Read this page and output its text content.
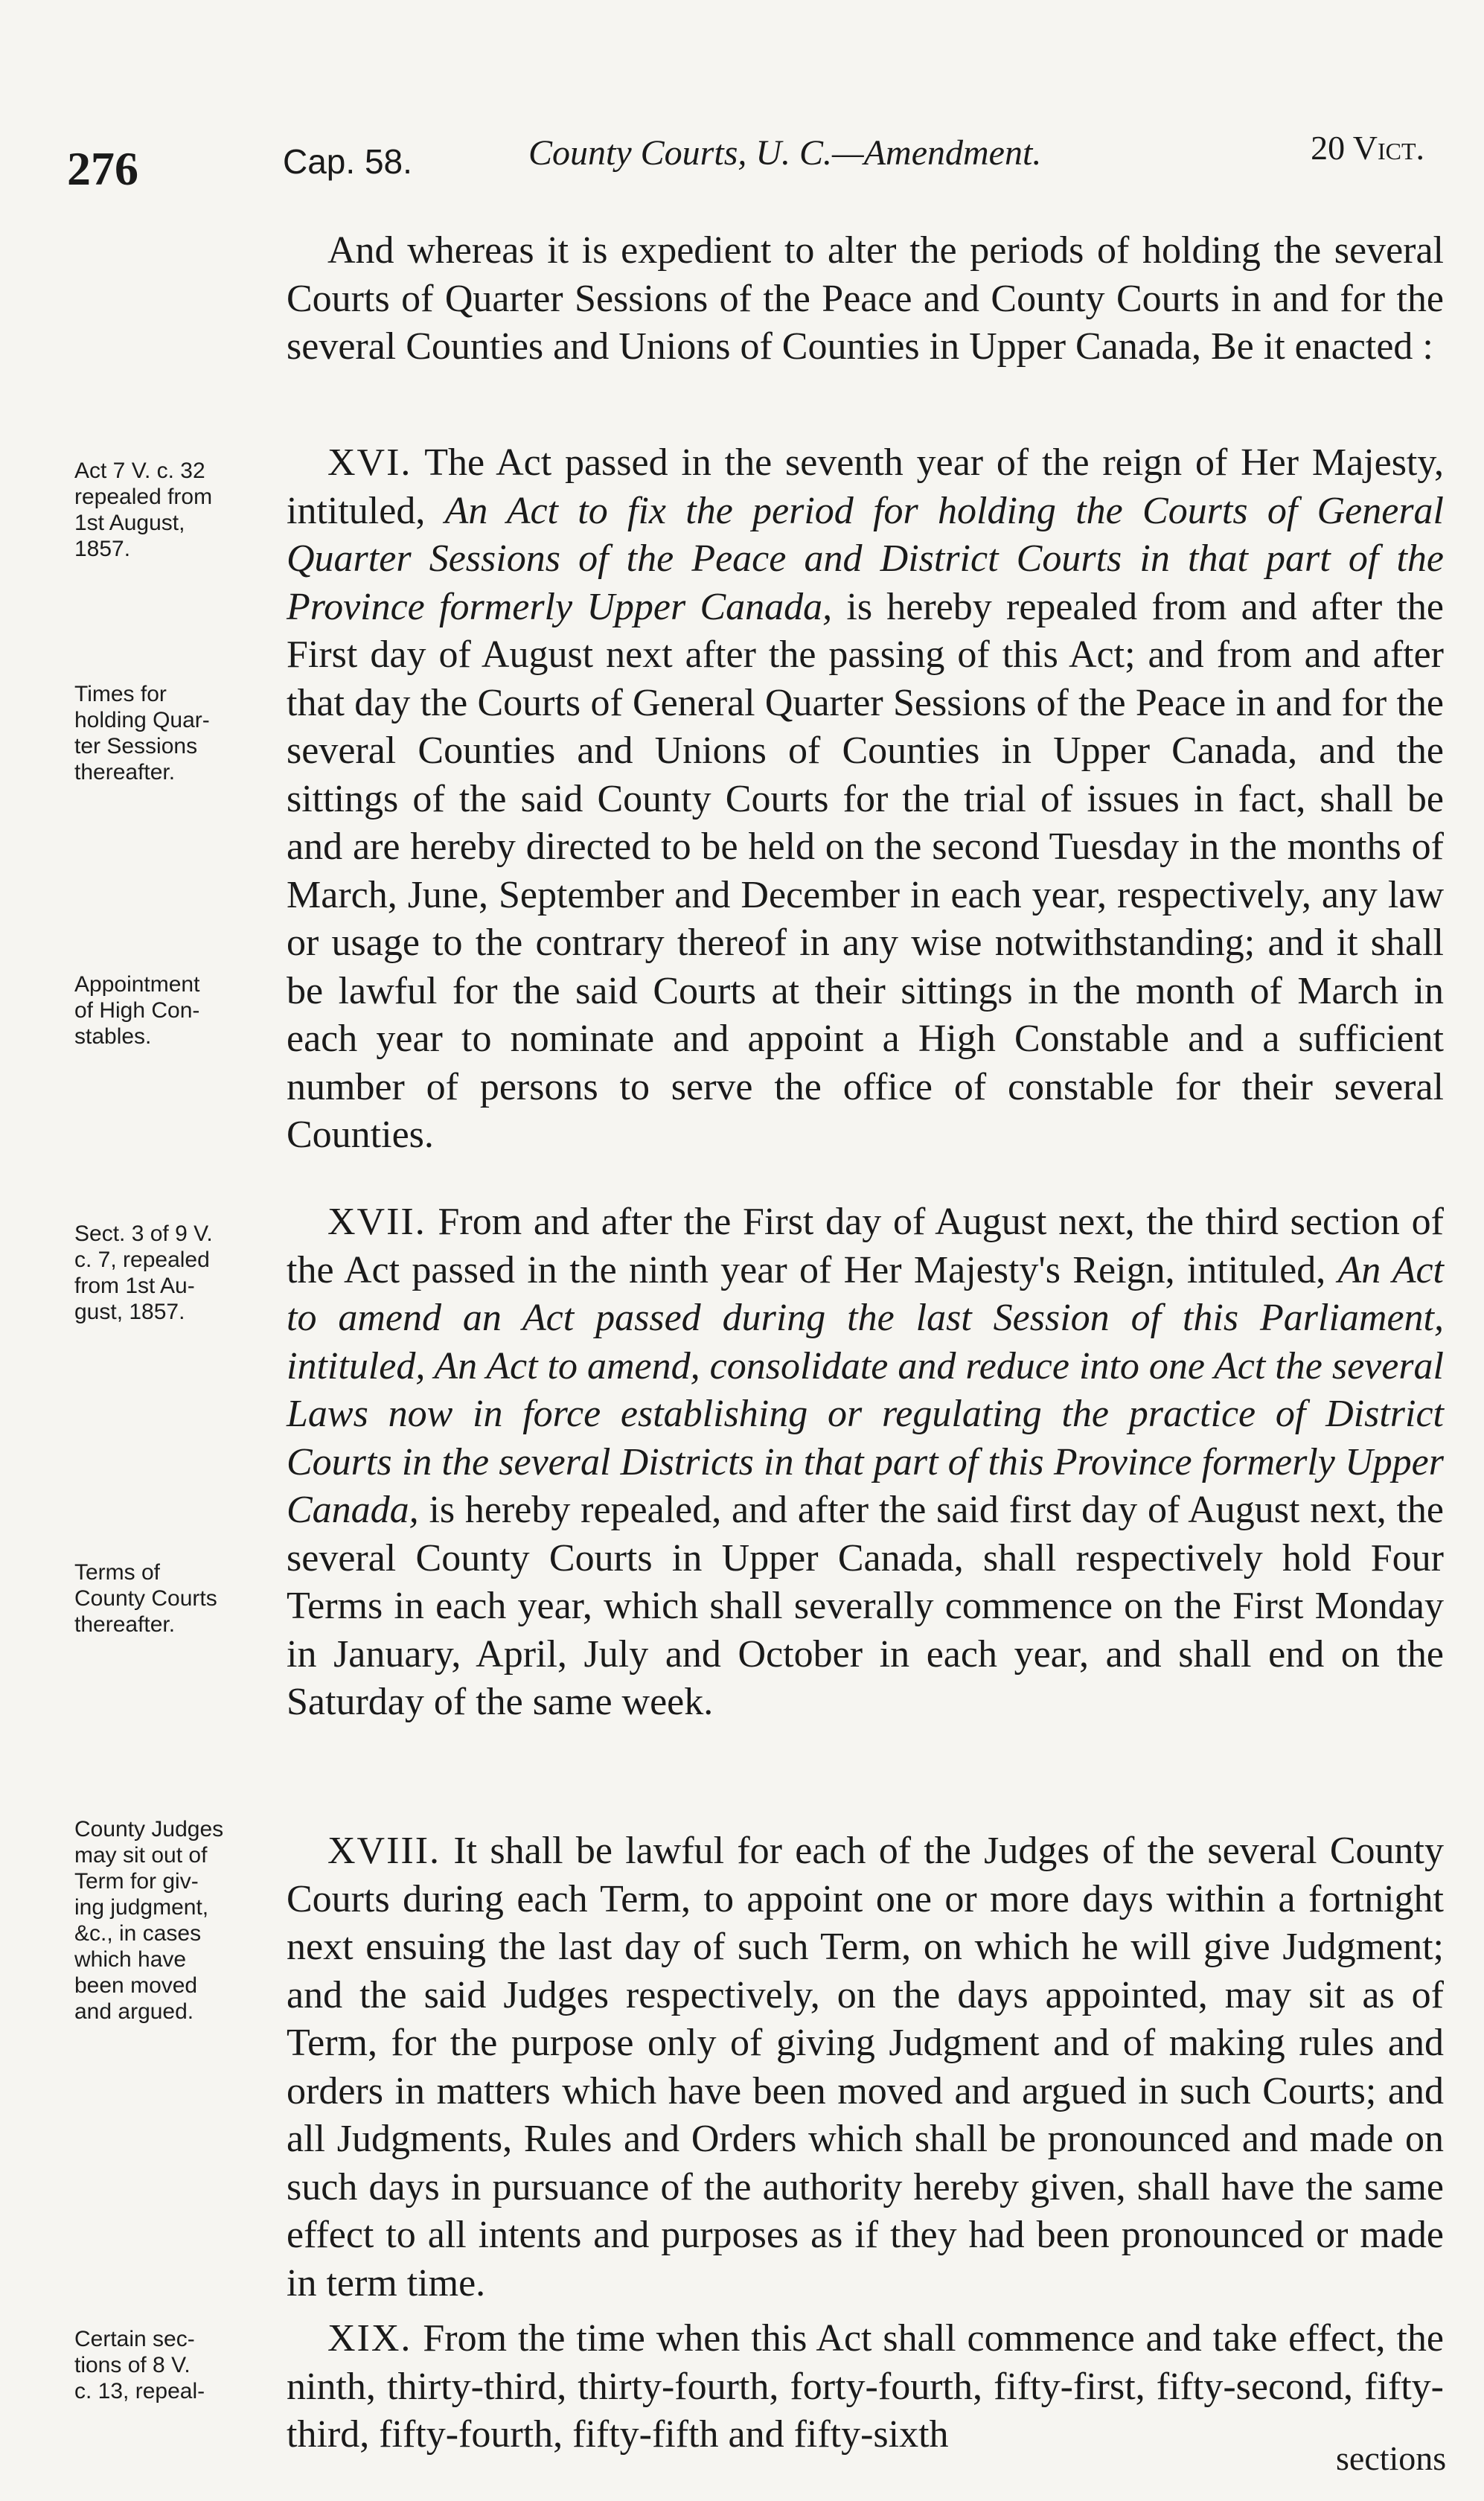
276	Cap. 58.	County Courts, U. C.—Amendment.	20 Vict.

And whereas it is expedient to alter the periods of holding the several Courts of Quarter Sessions of the Peace and County Courts in and for the several Counties and Unions of Counties in Upper Canada, Be it enacted :

XVI. The Act passed in the seventh year of the reign of Her Majesty, intituled, An Act to fix the period for holding the Courts of General Quarter Sessions of the Peace and District Courts in that part of the Province formerly Upper Canada, is hereby repealed from and after the First day of August next after the passing of this Act; and from and after that day the Courts of General Quarter Sessions of the Peace in and for the several Counties and Unions of Counties in Upper Canada, and the sittings of the said County Courts for the trial of issues in fact, shall be and are hereby directed to be held on the second Tuesday in the months of March, June, September and December in each year, respectively, any law or usage to the contrary thereof in any wise notwithstanding; and it shall be lawful for the said Courts at their sittings in the month of March in each year to nominate and appoint a High Constable and a sufficient number of persons to serve the office of constable for their several Counties.

XVII. From and after the First day of August next, the third section of the Act passed in the ninth year of Her Majesty's Reign, intituled, An Act to amend an Act passed during the last Session of this Parliament, intituled, An Act to amend, consolidate and reduce into one Act the several Laws now in force establishing or regulating the practice of District Courts in the several Districts in that part of this Province formerly Upper Canada, is hereby repealed, and after the said first day of August next, the several County Courts in Upper Canada, shall respectively hold Four Terms in each year, which shall severally commence on the First Monday in January, April, July and October in each year, and shall end on the Saturday of the same week.

XVIII. It shall be lawful for each of the Judges of the several County Courts during each Term, to appoint one or more days within a fortnight next ensuing the last day of such Term, on which he will give Judgment; and the said Judges respectively, on the days appointed, may sit as of Term, for the purpose only of giving Judgment and of making rules and orders in matters which have been moved and argued in such Courts; and all Judgments, Rules and Orders which shall be pronounced and made on such days in pursuance of the authority hereby given, shall have the same effect to all intents and purposes as if they had been pronounced or made in term time.

XIX. From the time when this Act shall commence and take effect, the ninth, thirty-third, thirty-fourth, forty-fourth, fifty-first, fifty-second, fifty-third, fifty-fourth, fifty-fifth and fifty-sixth

sections
Act 7 V. c. 32
repealed from
1st August,
1857.
Times for
holding Quar-
ter Sessions
thereafter.
Appointment
of High Con-
stables.
Sect. 3 of 9 V.
c. 7, repealed
from 1st Au-
gust, 1857.
Terms of
County Courts
thereafter.
County Judges
may sit out of
Term for giv-
ing judgment,
&c., in cases
which have
been moved
and argued.
Certain sec-
tions of 8 V.
c. 13, repeal-
